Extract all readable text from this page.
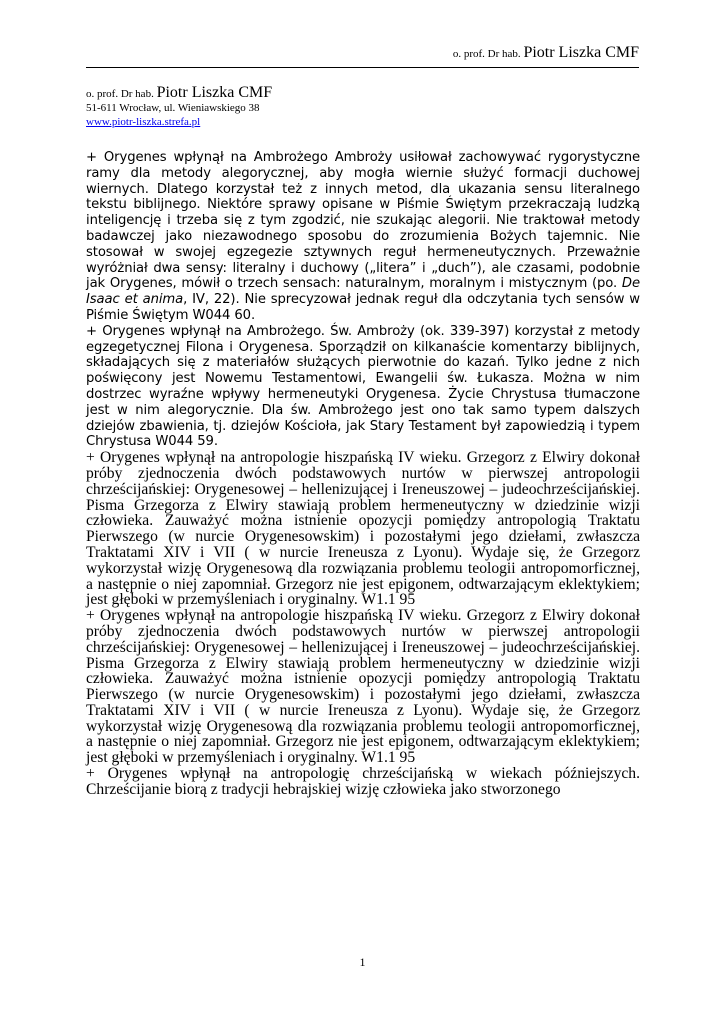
o. prof. Dr hab. Piotr Liszka CMF
o. prof. Dr hab. Piotr Liszka CMF
51-611 Wrocław, ul. Wieniawskiego 38
www.piotr-liszka.strefa.pl

+ Orygenes wpłynął na Ambrożego Ambroży usiłował zachowywać rygorystyczne ramy dla metody alegorycznej, aby mogła wiernie służyć formacji duchowej wiernych. Dlatego korzystał też z innych metod, dla ukazania sensu literalnego tekstu biblijnego. Niektóre sprawy opisane w Piśmie Świętym przekraczają ludzką inteligencję i trzeba się z tym zgodzić, nie szukając alegorii. Nie traktował metody badawczej jako niezawodnego sposobu do zrozumienia Bożych tajemnic. Nie stosował w swojej egzegezie sztywnych reguł hermeneutycznych. Przeważnie wyróżniał dwa sensy: literalny i duchowy („litera” i „duch”), ale czasami, podobnie jak Orygenes, mówił o trzech sensach: naturalnym, moralnym i mistycznym (po. De Isaac et anima, IV, 22). Nie sprecyzował jednak reguł dla odczytania tych sensów w Piśmie Świętym W044 60.

+ Orygenes wpłynął na Ambrożego. Św. Ambroży (ok. 339-397) korzystał z metody egzegetycznej Filona i Orygenesa. Sporządził on kilkanaście komentarzy biblijnych, składających się z materiałów służących pierwotnie do kazań. Tylko jedne z nich poświęcony jest Nowemu Testamentowi, Ewangelii św. Łukasza. Można w nim dostrzec wyraźne wpływy hermeneutyki Orygenesa. Życie Chrystusa tłumaczone jest w nim alegorycznie. Dla św. Ambrożego jest ono tak samo typem dalszych dziejów zbawienia, tj. dziejów Kościoła, jak Stary Testament był zapowiedzią i typem Chrystusa W044 59.

+ Orygenes wpłynął na antropologie hiszpańską IV wieku. Grzegorz z Elwiry dokonał próby zjednoczenia dwóch podstawowych nurtów w pierwszej antropologii chrześcijańskiej: Orygenesowej – hellenizującej i Ireneuszowej – judeochrześcijańskiej. Pisma Grzegorza z Elwiry stawiają problem hermeneutyczny w dziedzinie wizji człowieka. Zauważyć można istnienie opozycji pomiędzy antropologią Traktatu Pierwszego (w nurcie Orygenesowskim) i pozostałymi jego dziełami, zwłaszcza Traktatami XIV i VII ( w nurcie Ireneusza z Lyonu). Wydaje się, że Grzegorz wykorzystał wizję Orygenesową dla rozwiązania problemu teologii antropomorficznej, a następnie o niej zapomniał. Grzegorz nie jest epigonem, odtwarzającym eklektykiem; jest głęboki w przemyśleniach i oryginalny. W1.1 95

+ Orygenes wpłynął na antropologie hiszpańską IV wieku. Grzegorz z Elwiry dokonał próby zjednoczenia dwóch podstawowych nurtów w pierwszej antropologii chrześcijańskiej: Orygenesowej – hellenizującej i Ireneuszowej – judeochrześcijańskiej. Pisma Grzegorza z Elwiry stawiają problem hermeneutyczny w dziedzinie wizji człowieka. Zauważyć można istnienie opozycji pomiędzy antropologią Traktatu Pierwszego (w nurcie Orygenesowskim) i pozostałymi jego dziełami, zwłaszcza Traktatami XIV i VII ( w nurcie Ireneusza z Lyonu). Wydaje się, że Grzegorz wykorzystał wizję Orygenesową dla rozwiązania problemu teologii antropomorficznej, a następnie o niej zapomniał. Grzegorz nie jest epigonem, odtwarzającym eklektykiem; jest głęboki w przemyśleniach i oryginalny. W1.1 95

+ Orygenes wpłynął na antropologię chrześcijańską w wiekach późniejszych. Chrześcijanie biorą z tradycji hebrajskiej wizję człowieka jako stworzonego

1
